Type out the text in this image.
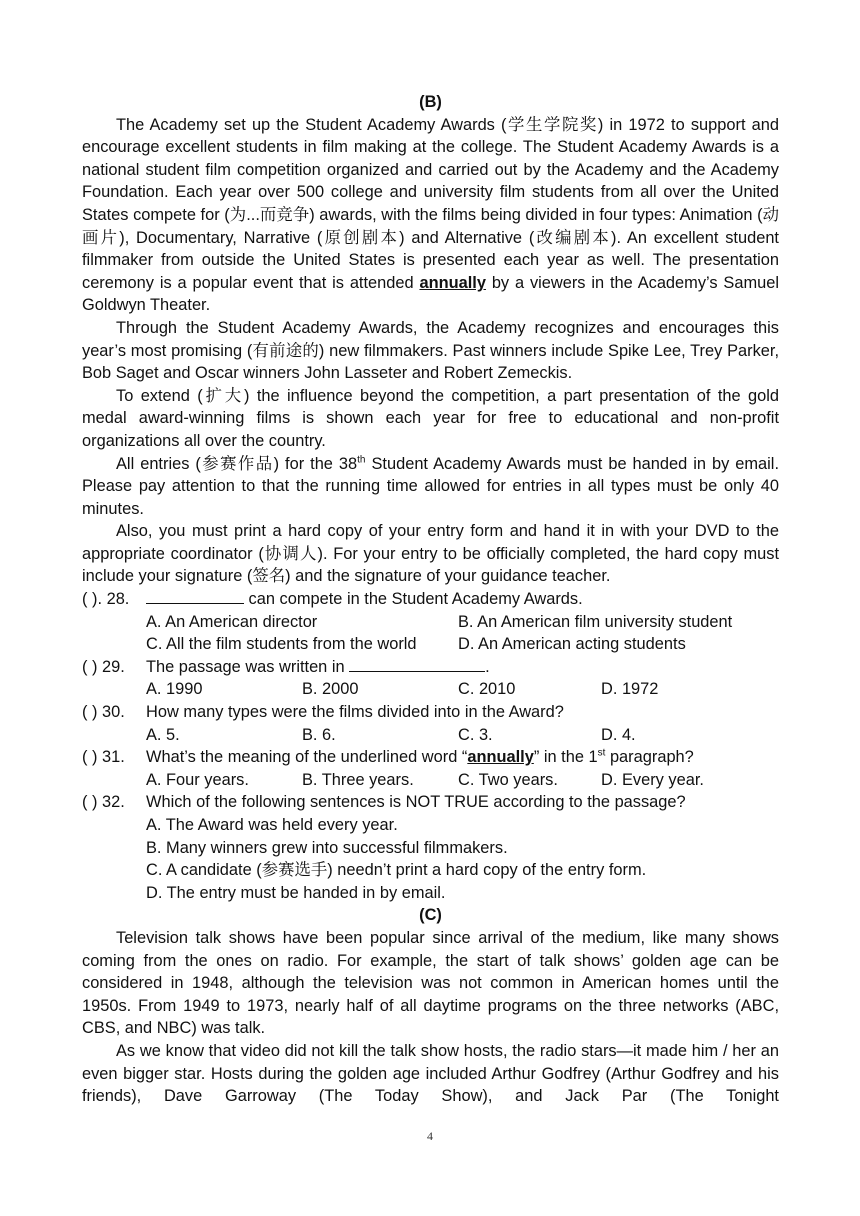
(B)

The Academy set up the Student Academy Awards (学生学院奖) in 1972 to support and encourage excellent students in film making at the college. The Student Academy Awards is a national student film competition organized and carried out by the Academy and the Academy Foundation. Each year over 500 college and university film students from all over the United States compete for (为...而竞争) awards, with the films being divided in four types: Animation (动画片), Documentary, Narrative (原创剧本) and Alternative (改编剧本). An excellent student filmmaker from outside the United States is presented each year as well. The presentation ceremony is a popular event that is attended annually by a viewers in the Academy’s Samuel Goldwyn Theater.

Through the Student Academy Awards, the Academy recognizes and encourages this year’s most promising (有前途的) new filmmakers. Past winners include Spike Lee, Trey Parker, Bob Saget and Oscar winners John Lasseter and Robert Zemeckis.

To extend (扩大) the influence beyond the competition, a part presentation of the gold medal award-winning films is shown each year for free to educational and non-profit organizations all over the country.

All entries (参赛作品) for the 38th Student Academy Awards must be handed in by email. Please pay attention to that the running time allowed for entries in all types must be only 40 minutes.

Also, you must print a hard copy of your entry form and hand it in with your DVD to the appropriate coordinator (协调人). For your entry to be officially completed, the hard copy must include your signature (签名) and the signature of your guidance teacher.

( ). 28.	can compete in the Student Academy Awards.
A. An American director	B. An American film university student
C. All the film students from the world	D. An American acting students
( ) 29. The passage was written in	.
A. 1990	B. 2000	C. 2010	D. 1972
( ) 30. How many types were the films divided into in the Award?
A. 5.	B. 6.	C. 3.	D. 4.
( ) 31. What’s the meaning of the underlined word “annually” in the 1st paragraph?
A. Four years.	B. Three years.	C. Two years.	D. Every year.
( ) 32. Which of the following sentences is NOT TRUE according to the passage?
A. The Award was held every year.
B. Many winners grew into successful filmmakers.
C. A candidate (参赛选手) needn’t print a hard copy of the entry form.
D. The entry must be handed in by email.
(C)

Television talk shows have been popular since arrival of the medium, like many shows coming from the ones on radio. For example, the start of talk shows’ golden age can be considered in 1948, although the television was not common in American homes until the 1950s. From 1949 to 1973, nearly half of all daytime programs on the three networks (ABC, CBS, and NBC) was talk.

As we know that video did not kill the talk show hosts, the radio stars—it made him / her an even bigger star. Hosts during the golden age included Arthur Godfrey (Arthur Godfrey and his friends), Dave Garroway (The Today Show), and Jack Par (The Tonight

4
